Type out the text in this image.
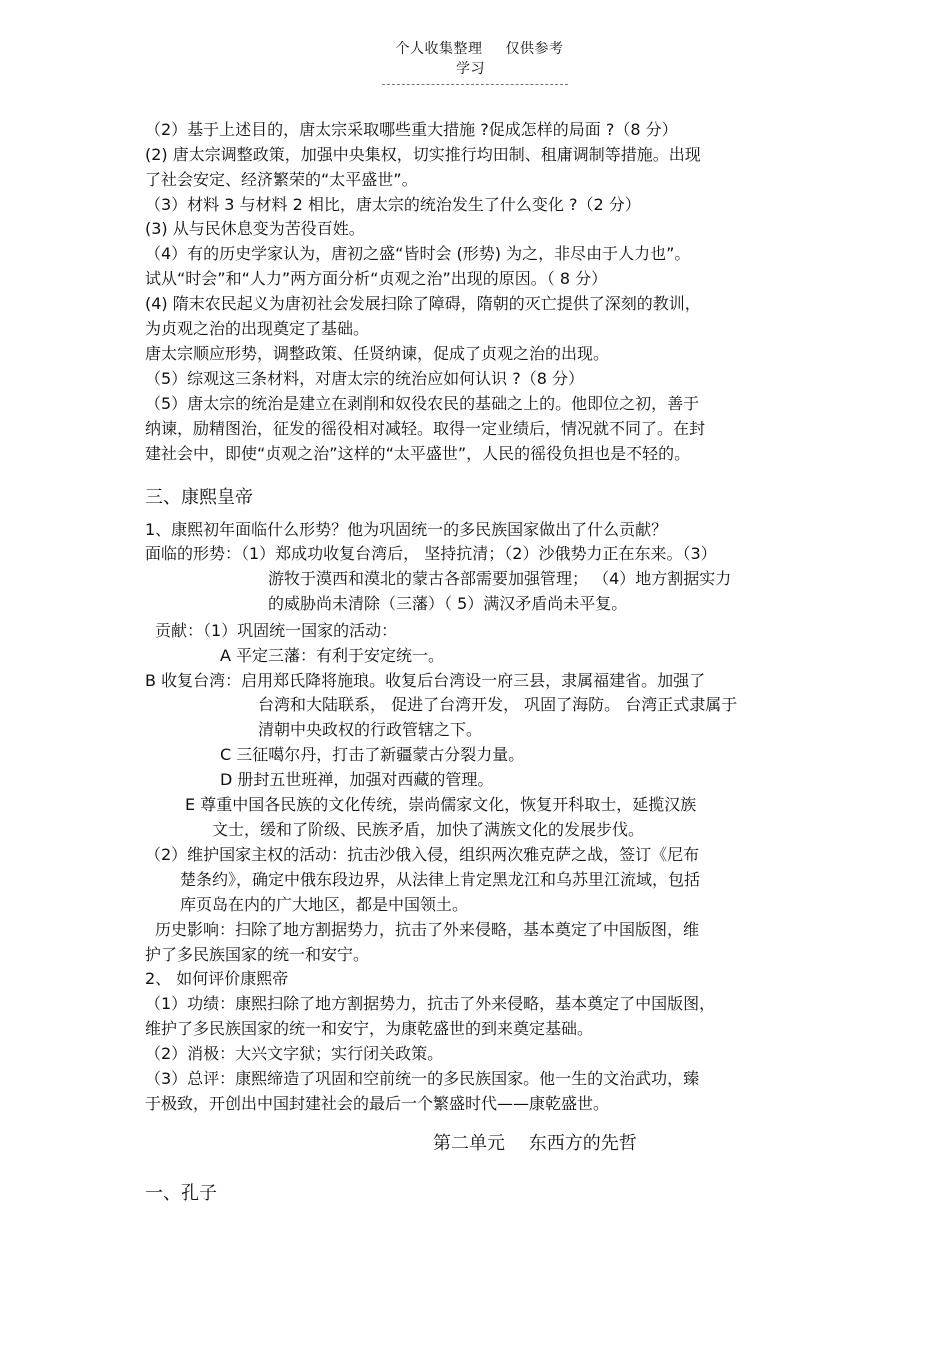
个人收集整理 仅供参考学习
（2）基于上述目的，唐太宗采取哪些重大措施 ?促成怎样的局面 ?（8 分）
(2) 唐太宗调整政策，加强中央集权，切实推行均田制、租庸调制等措施。出现
了社会安定、经济繁荣的“太平盛世”。
（3）材料 3 与材料 2 相比，唐太宗的统治发生了什么变化 ?（2 分）
(3) 从与民休息变为苦役百姓。
（4）有的历史学家认为，唐初之盛“皆时会 (形势) 为之，非尽由于人力也”。
试从“时会”和“人力”两方面分析“贞观之治”出现的原因。（ 8 分）
(4) 隋末农民起义为唐初社会发展扫除了障碍，隋朝的灭亡提供了深刻的教训，
为贞观之治的出现奠定了基础。
唐太宗顺应形势，调整政策、任贤纳谏，促成了贞观之治的出现。
（5）综观这三条材料，对唐太宗的统治应如何认识 ?（8 分）
（5）唐太宗的统治是建立在剥削和奴役农民的基础之上的。他即位之初，善于
纳谏，励精图治，征发的徭役相对减轻。取得一定业绩后，情况就不同了。在封
建社会中，即使“贞观之治”这样的“太平盛世”，人民的徭役负担也是不轻的。
三、康熙皇帝
1、康熙初年面临什么形势？他为巩固统一的多民族国家做出了什么贡献？
面临的形势：（1）郑成功收复台湾后， 坚持抗清；（2）沙俄势力正在东来。（3）
游牧于漠西和漠北的蒙古各部需要加强管理； （4）地方割据实力
的威胁尚未清除（三藩）（ 5）满汉矛盾尚未平复。
贡献：（1）巩固统一国家的活动：
A 平定三藩：有利于安定统一。
B 收复台湾：启用郑氏降将施琅。收复后台湾设一府三县，隶属福建省。加强了
台湾和大陆联系， 促进了台湾开发， 巩固了海防。 台湾正式隶属于
清朝中央政权的行政管辖之下。
C 三征噶尔丹，打击了新疆蒙古分裂力量。
D 册封五世班禅，加强对西藏的管理。
E 尊重中国各民族的文化传统，崇尚儒家文化，恢复开科取士，延揽汉族
文士，缓和了阶级、民族矛盾，加快了满族文化的发展步伐。
（2）维护国家主权的活动：抗击沙俄入侵，组织两次雅克萨之战，签订《尼布
楚条约》，确定中俄东段边界，从法律上肯定黑龙江和乌苏里江流域，包括
库页岛在内的广大地区，都是中国领土。
历史影响：扫除了地方割据势力，抗击了外来侵略，基本奠定了中国版图，维
护了多民族国家的统一和安宁。
2、 如何评价康熙帝
（1）功绩：康熙扫除了地方割据势力，抗击了外来侵略，基本奠定了中国版图，
维护了多民族国家的统一和安宁，为康乾盛世的到来奠定基础。
（2）消极：大兴文字狱；实行闭关政策。
（3）总评：康熙缔造了巩固和空前统一的多民族国家。他一生的文治武功，臻
于极致，开创出中国封建社会的最后一个繁盛时代——康乾盛世。
第二单元　 东西方的先哲
一、孔子
